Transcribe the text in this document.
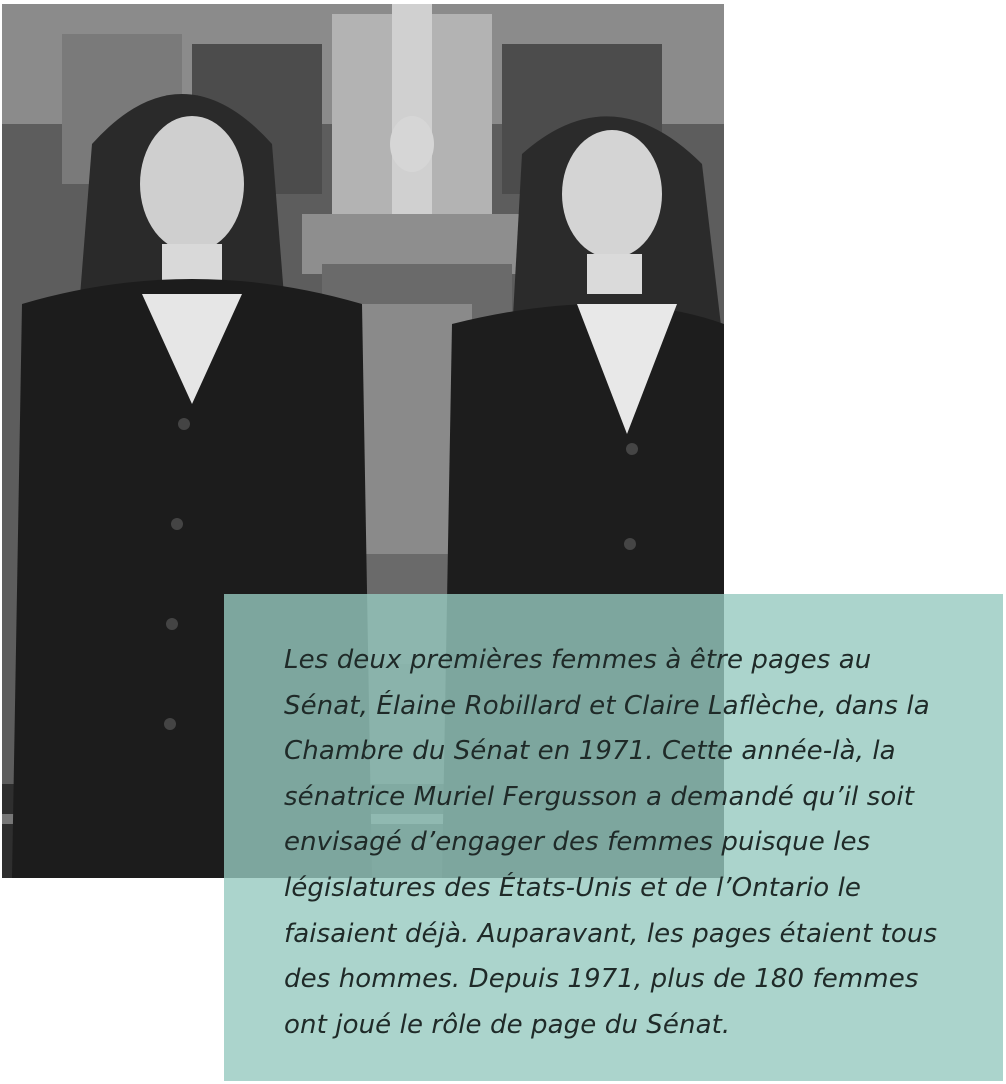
Les deux premières femmes à être pages au Sénat, Élaine Robillard et Claire Laflèche, dans la Chambre du Sénat en 1971. Cette année-là, la sénatrice Muriel Fergusson a demandé qu’il soit envisagé d’engager des femmes puisque les législatures des États-Unis et de l’Ontario le faisaient déjà. Auparavant, les pages étaient tous des hommes. Depuis 1971, plus de 180 femmes ont joué le rôle de page du Sénat.
